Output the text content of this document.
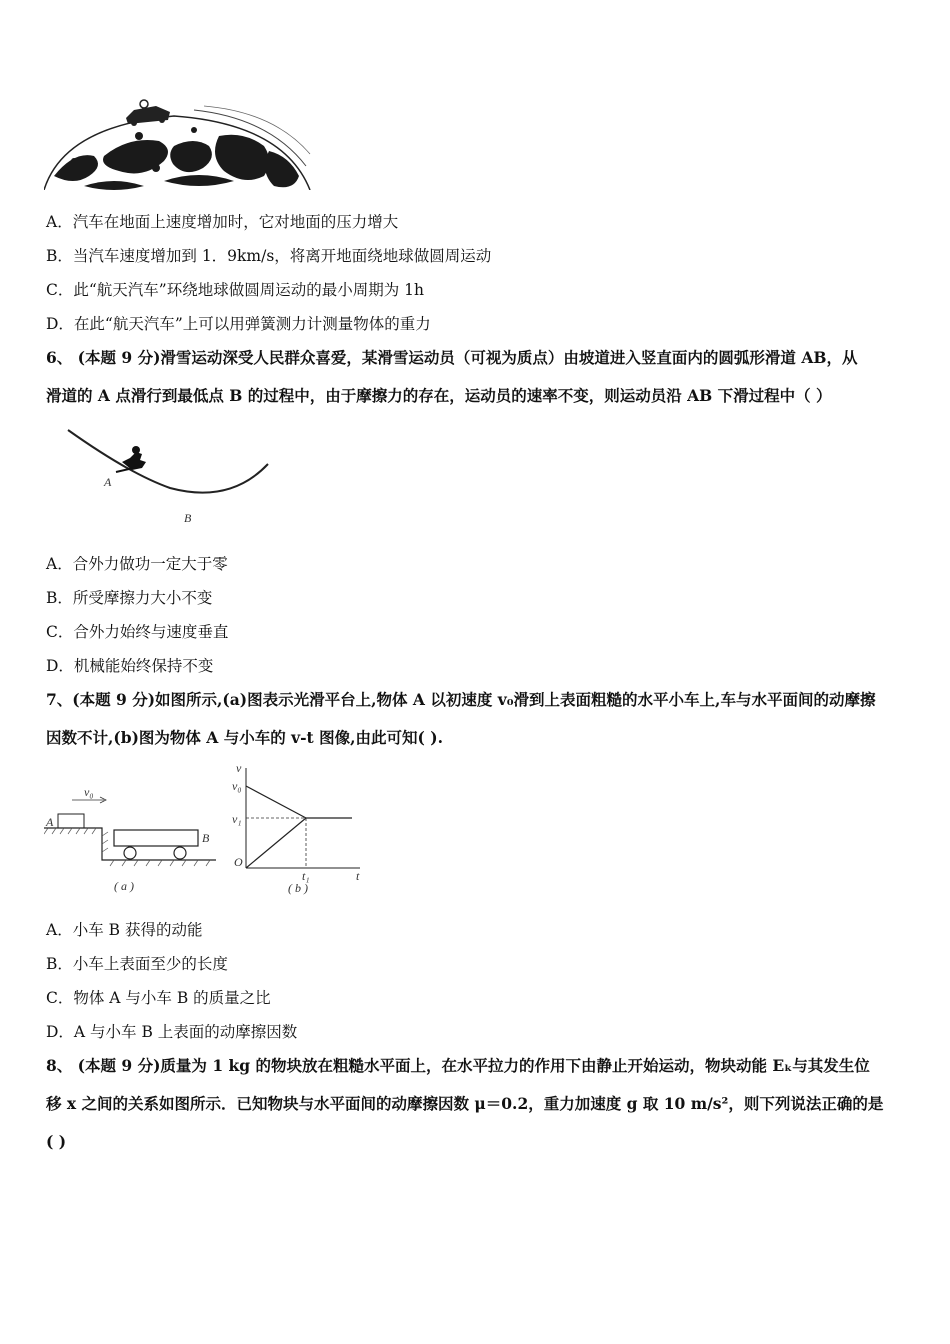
A．汽车在地面上速度增加时，它对地面的压力增大
B．当汽车速度增加到 1．9km/s，将离开地面绕地球做圆周运动
C．此“航天汽车”环绕地球做圆周运动的最小周期为 1h
D．在此“航天汽车”上可以用弹簧测力计测量物体的重力
6、 (本题 9 分)滑雪运动深受人民群众喜爱，某滑雪运动员（可视为质点）由坡道进入竖直面内的圆弧形滑道 AB，从
滑道的 A 点滑行到最低点 B 的过程中，由于摩擦力的存在，运动员的速率不变，则运动员沿 AB 下滑过程中（ ）
A
B
A．合外力做功一定大于零
B．所受摩擦力大小不变
C．合外力始终与速度垂直
D．机械能始终保持不变
7、(本题 9 分)如图所示,(a)图表示光滑平台上,物体 A 以初速度 v₀滑到上表面粗糙的水平小车上,车与水平面间的动摩擦
因数不计,(b)图为物体 A 与小车的 v-t 图像,由此可知( ).
v₀
A
B
( a )
v
t
v₀
v₁
O
t₁
( b )
A．小车 B 获得的动能
B．小车上表面至少的长度
C．物体 A 与小车 B 的质量之比
D．A 与小车 B 上表面的动摩擦因数
8、 (本题 9 分)质量为 1 kg 的物块放在粗糙水平面上，在水平拉力的作用下由静止开始运动，物块动能 Eₖ与其发生位
移 x 之间的关系如图所示．已知物块与水平面间的动摩擦因数 μ＝0.2，重力加速度 g 取 10 m/s²，则下列说法正确的是
( )
